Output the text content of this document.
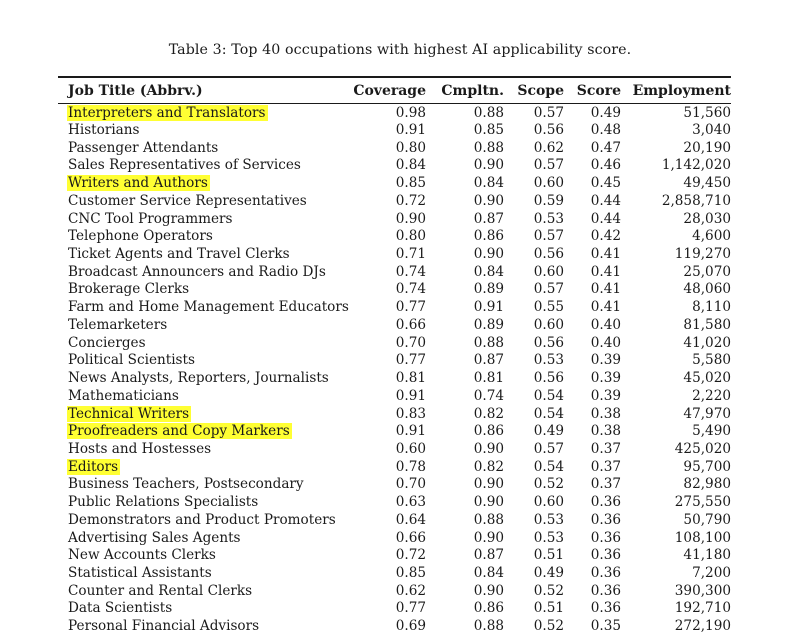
Table 3: Top 40 occupations with highest AI applicability score.
Job Title (Abbrv.)	Coverage	Cmpltn.	Scope	Score	Employment
Interpreters and Translators	0.98	0.88	0.57	0.49	51,560
Historians	0.91	0.85	0.56	0.48	3,040
Passenger Attendants	0.80	0.88	0.62	0.47	20,190
Sales Representatives of Services	0.84	0.90	0.57	0.46	1,142,020
Writers and Authors	0.85	0.84	0.60	0.45	49,450
Customer Service Representatives	0.72	0.90	0.59	0.44	2,858,710
CNC Tool Programmers	0.90	0.87	0.53	0.44	28,030
Telephone Operators	0.80	0.86	0.57	0.42	4,600
Ticket Agents and Travel Clerks	0.71	0.90	0.56	0.41	119,270
Broadcast Announcers and Radio DJs	0.74	0.84	0.60	0.41	25,070
Brokerage Clerks	0.74	0.89	0.57	0.41	48,060
Farm and Home Management Educators	0.77	0.91	0.55	0.41	8,110
Telemarketers	0.66	0.89	0.60	0.40	81,580
Concierges	0.70	0.88	0.56	0.40	41,020
Political Scientists	0.77	0.87	0.53	0.39	5,580
News Analysts, Reporters, Journalists	0.81	0.81	0.56	0.39	45,020
Mathematicians	0.91	0.74	0.54	0.39	2,220
Technical Writers	0.83	0.82	0.54	0.38	47,970
Proofreaders and Copy Markers	0.91	0.86	0.49	0.38	5,490
Hosts and Hostesses	0.60	0.90	0.57	0.37	425,020
Editors	0.78	0.82	0.54	0.37	95,700
Business Teachers, Postsecondary	0.70	0.90	0.52	0.37	82,980
Public Relations Specialists	0.63	0.90	0.60	0.36	275,550
Demonstrators and Product Promoters	0.64	0.88	0.53	0.36	50,790
Advertising Sales Agents	0.66	0.90	0.53	0.36	108,100
New Accounts Clerks	0.72	0.87	0.51	0.36	41,180
Statistical Assistants	0.85	0.84	0.49	0.36	7,200
Counter and Rental Clerks	0.62	0.90	0.52	0.36	390,300
Data Scientists	0.77	0.86	0.51	0.36	192,710
Personal Financial Advisors	0.69	0.88	0.52	0.35	272,190
